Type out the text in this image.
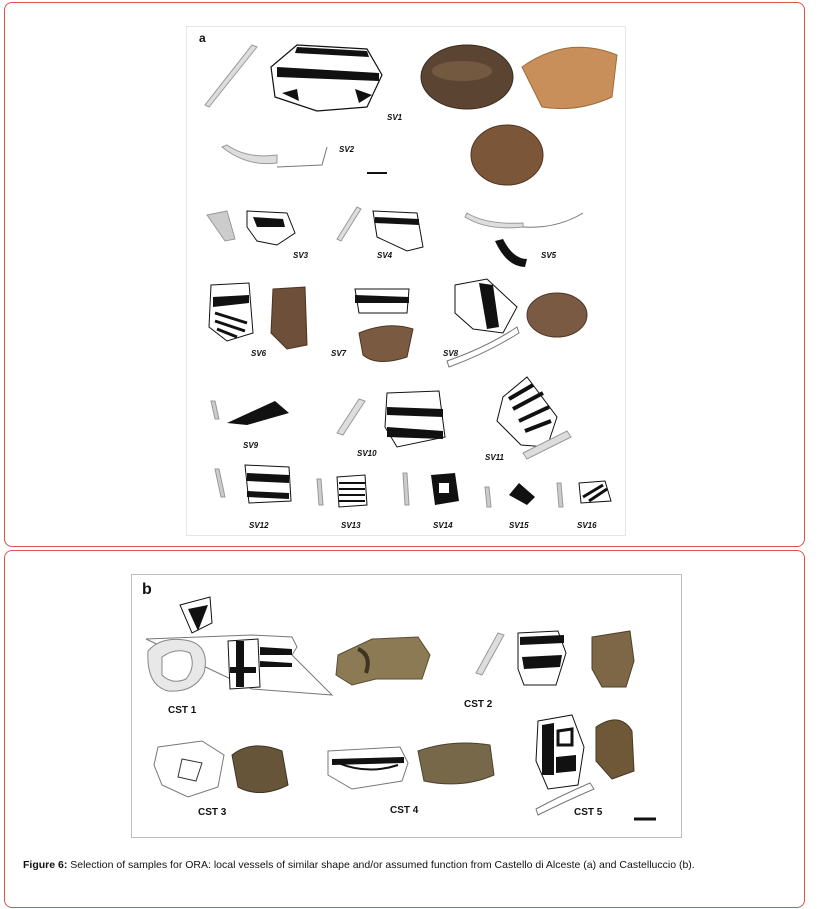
a
SV1
SV2
SV3	SV4	SV5
SV6	SV7	SV8
SV9
SV10	SV11
SV12	SV13	SV14	SV15	SV16
b
CST 1
CST 2
CST 3	CST 4	CST 5
Figure 6: Selection of samples for ORA: local vessels of similar shape and/or assumed function from Castello di Alceste (a) and Castelluccio (b).
